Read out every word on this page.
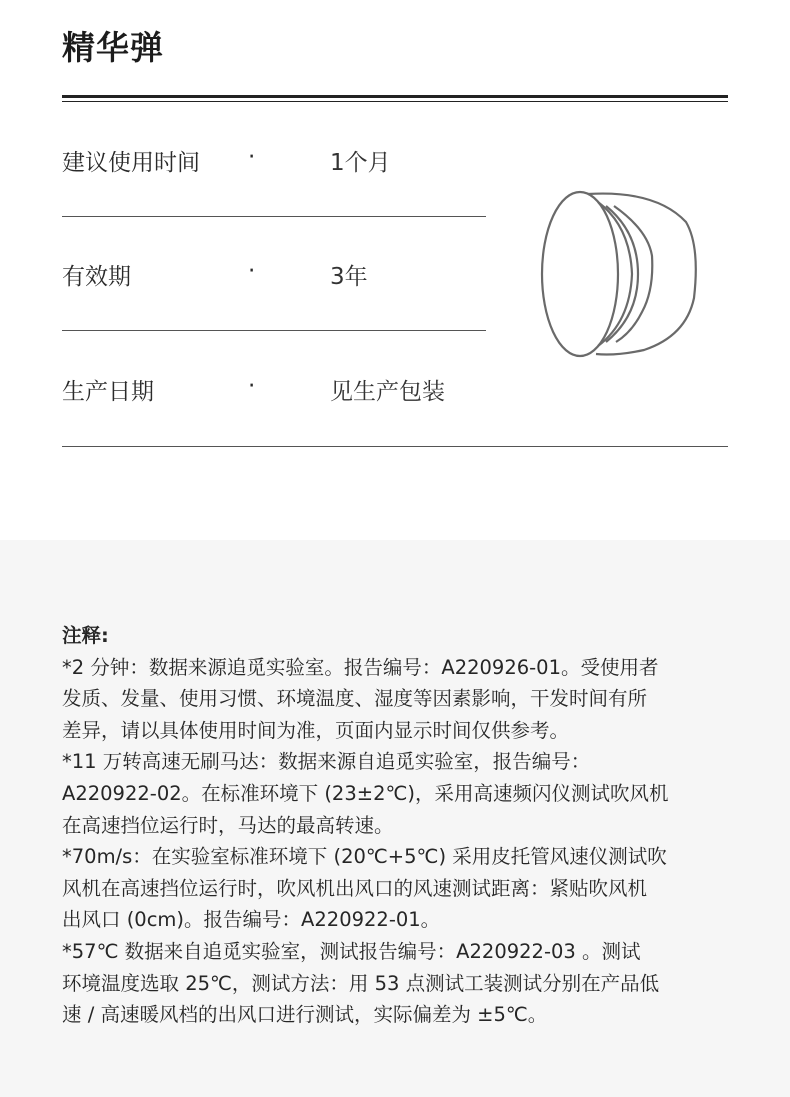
精华弹
建议使用时间 ·	1个月
有效期	·	3年
生产日期	·	见生产包装

注释:

*2 分钟：数据来源追觅实验室。报告编号：A220926-01。受使用者

发质、发量、使用习惯、环境温度、湿度等因素影响，干发时间有所

差异，请以具体使用时间为准，页面内显示时间仅供参考。

*11 万转高速无刷马达：数据来源自追觅实验室，报告编号：

A220922-02。在标准环境下 (23±2℃)，采用高速频闪仪测试吹风机

在高速挡位运行时，马达的最高转速。

*70m/s：在实验室标准环境下 (20℃+5℃) 采用皮托管风速仪测试吹

风机在高速挡位运行时，吹风机出风口的风速测试距离：紧贴吹风机

出风口 (0cm)。报告编号：A220922-01。

*57℃ 数据来自追觅实验室，测试报告编号：A220922-03 。测试

环境温度选取 25℃，测试方法：用 53 点测试工装测试分别在产品低

速 / 高速暖风档的出风口进行测试，实际偏差为 ±5℃。
